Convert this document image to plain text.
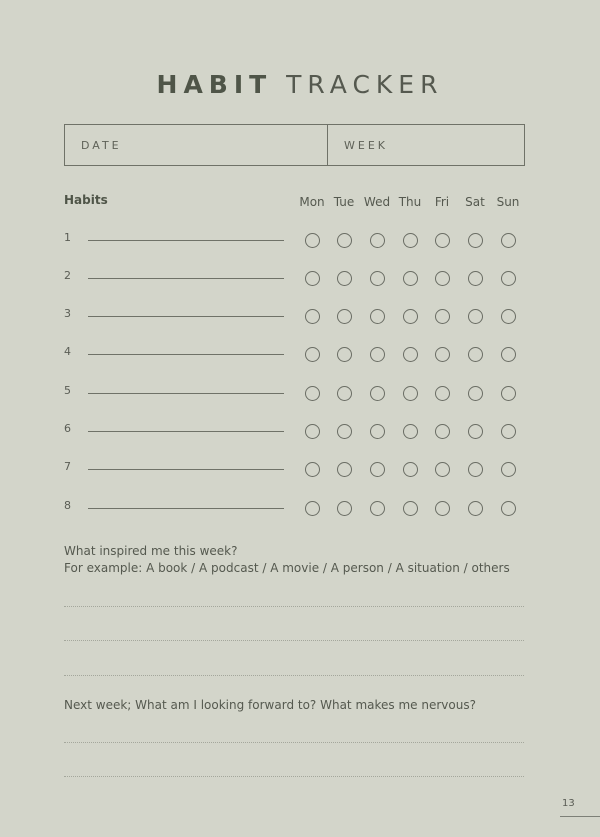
HABIT TRACKER
DATE	WEEK
Habits	Mon Tue Wed Thu	Fri	Sat Sun
1
2
3
4
5
6
7
8
What inspired me this week?
For example: A book / A podcast / A movie / A person / A situation / others
Next week; What am I looking forward to? What makes me nervous?
13
